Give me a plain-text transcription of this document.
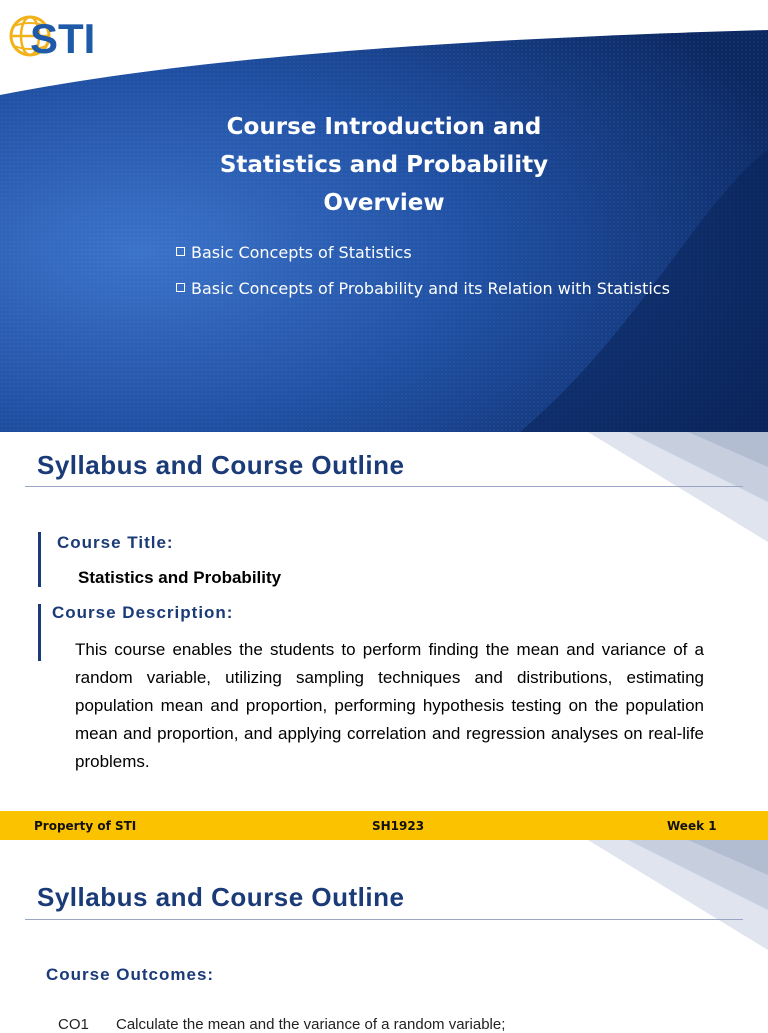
STI
Course Introduction and
Statistics and Probability
Overview
Basic Concepts of Statistics
Basic Concepts of Probability and its Relation with Statistics
Syllabus and Course Outline
Course Title:
Statistics and Probability
Course Description:
This course enables the students to perform finding the mean and variance of a random variable, utilizing sampling techniques and distributions, estimating population mean and proportion, performing hypothesis testing on the population mean and proportion, and applying correlation and regression analyses on real-life problems.
Property of STI	SH1923	Week 1
Syllabus and Course Outline
Course Outcomes:
CO1 Calculate the mean and the variance of a random variable;
